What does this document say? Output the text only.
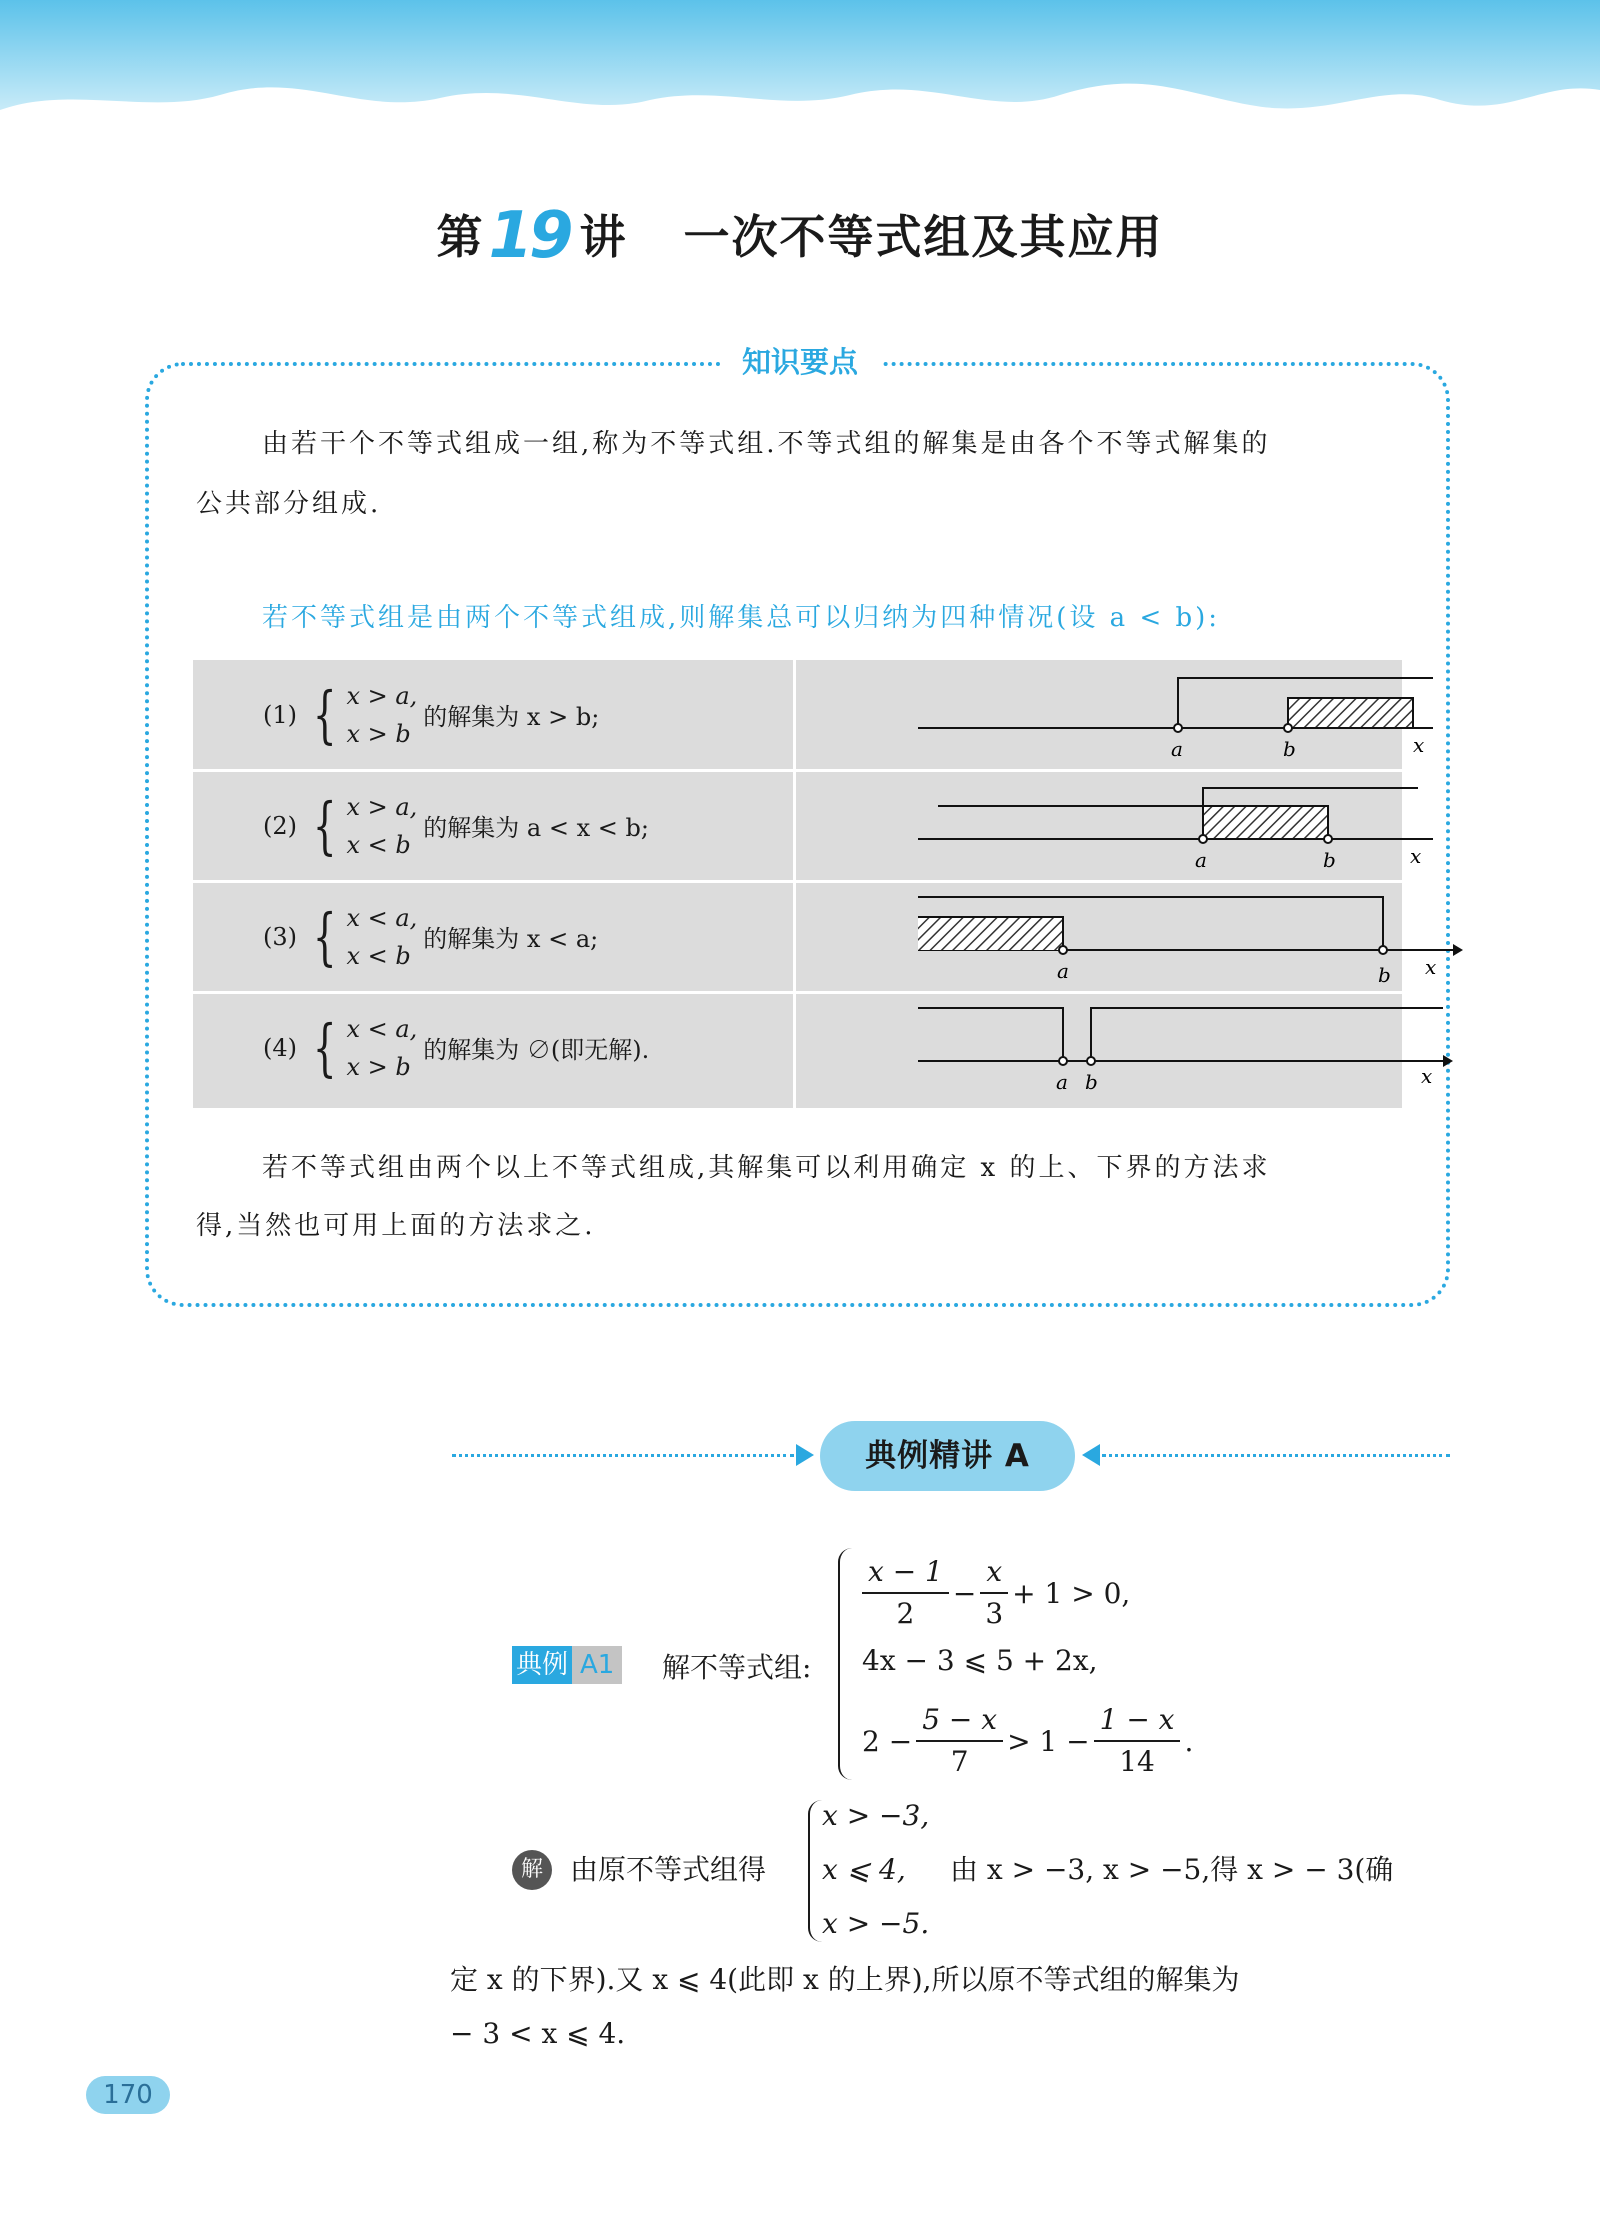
第19 讲 一次不等式组及其应用
知识要点
由若干个不等式组成一组,称为不等式组.不等式组的解集是由各个不等式解集的
公共部分组成.
若不等式组是由两个不等式组成,则解集总可以归纳为四种情况(设 a < b):
(1) { x > a,
x > b
的解集为 x > b;
a	b	x
(2) { x > a,
x < b
的解集为 a < x < b;
a	b	x
(3) { x < a,
x < b
的解集为 x < a;
a	b x
(4) { x < a,
x > b
的解集为 ∅(即无解).
a b	x
若不等式组由两个以上不等式组成,其解集可以利用确定 x 的上、下界的方法求
得,当然也可用上面的方法求之.
典例精讲 A
典例 A1 解不等式组:
$\frac{x - 1}{2} - \frac{x}{3} + 1 > 0$,
4x − 3 ⩽ 5 + 2x,
$2 - \frac{5 - x}{7} > 1 - \frac{1 - x}{14}$ .
解 由原不等式组得
x > −3,
x ⩽ 4,
x > −5.
由 x > −3, x > −5,得 x > − 3(确
定 x 的下界).又 x ⩽ 4(此即 x 的上界),所以原不等式组的解集为
− 3 < x ⩽ 4.
170
